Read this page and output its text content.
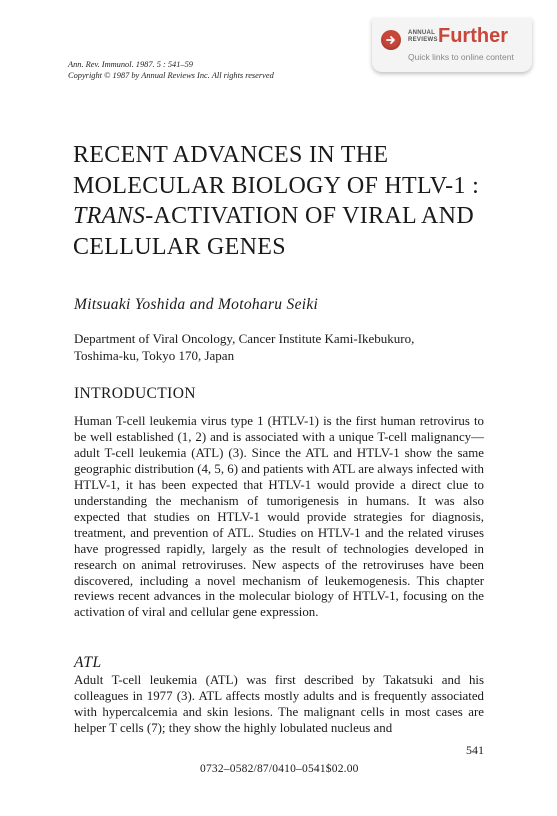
Ann. Rev. Immunol. 1987. 5 : 541–59
Copyright © 1987 by Annual Reviews Inc. All rights reserved
ANNUAL
REVIEWS Further
Quick links to online content
RECENT ADVANCES IN THE MOLECULAR BIOLOGY OF HTLV-1 : TRANS-ACTIVATION OF VIRAL AND CELLULAR GENES
Mitsuaki Yoshida and Motoharu Seiki
Department of Viral Oncology, Cancer Institute Kami-Ikebukuro,
Toshima-ku, Tokyo 170, Japan
INTRODUCTION

Human T-cell leukemia virus type 1 (HTLV-1) is the first human retrovirus to be well established (1, 2) and is associated with a unique T-cell malignancy—adult T-cell leukemia (ATL) (3). Since the ATL and HTLV-1 show the same geographic distribution (4, 5, 6) and patients with ATL are always infected with HTLV-1, it has been expected that HTLV-1 would provide a direct clue to understanding the mechanism of tumorigenesis in humans. It was also expected that studies on HTLV-1 would provide strategies for diagnosis, treatment, and prevention of ATL. Studies on HTLV-1 and the related viruses have progressed rapidly, largely as the result of technologies developed in research on animal retroviruses. New aspects of the retroviruses have been discovered, including a novel mechanism of leukemogenesis. This chapter reviews recent advances in the molecular biology of HTLV-1, focusing on the activation of viral and cellular gene expression.

ATL

Adult T-cell leukemia (ATL) was first described by Takatsuki and his colleagues in 1977 (3). ATL affects mostly adults and is frequently associated with hypercalcemia and skin lesions. The malignant cells in most cases are helper T cells (7); they show the highly lobulated nucleus and

541
0732–0582/87/0410–0541$02.00
